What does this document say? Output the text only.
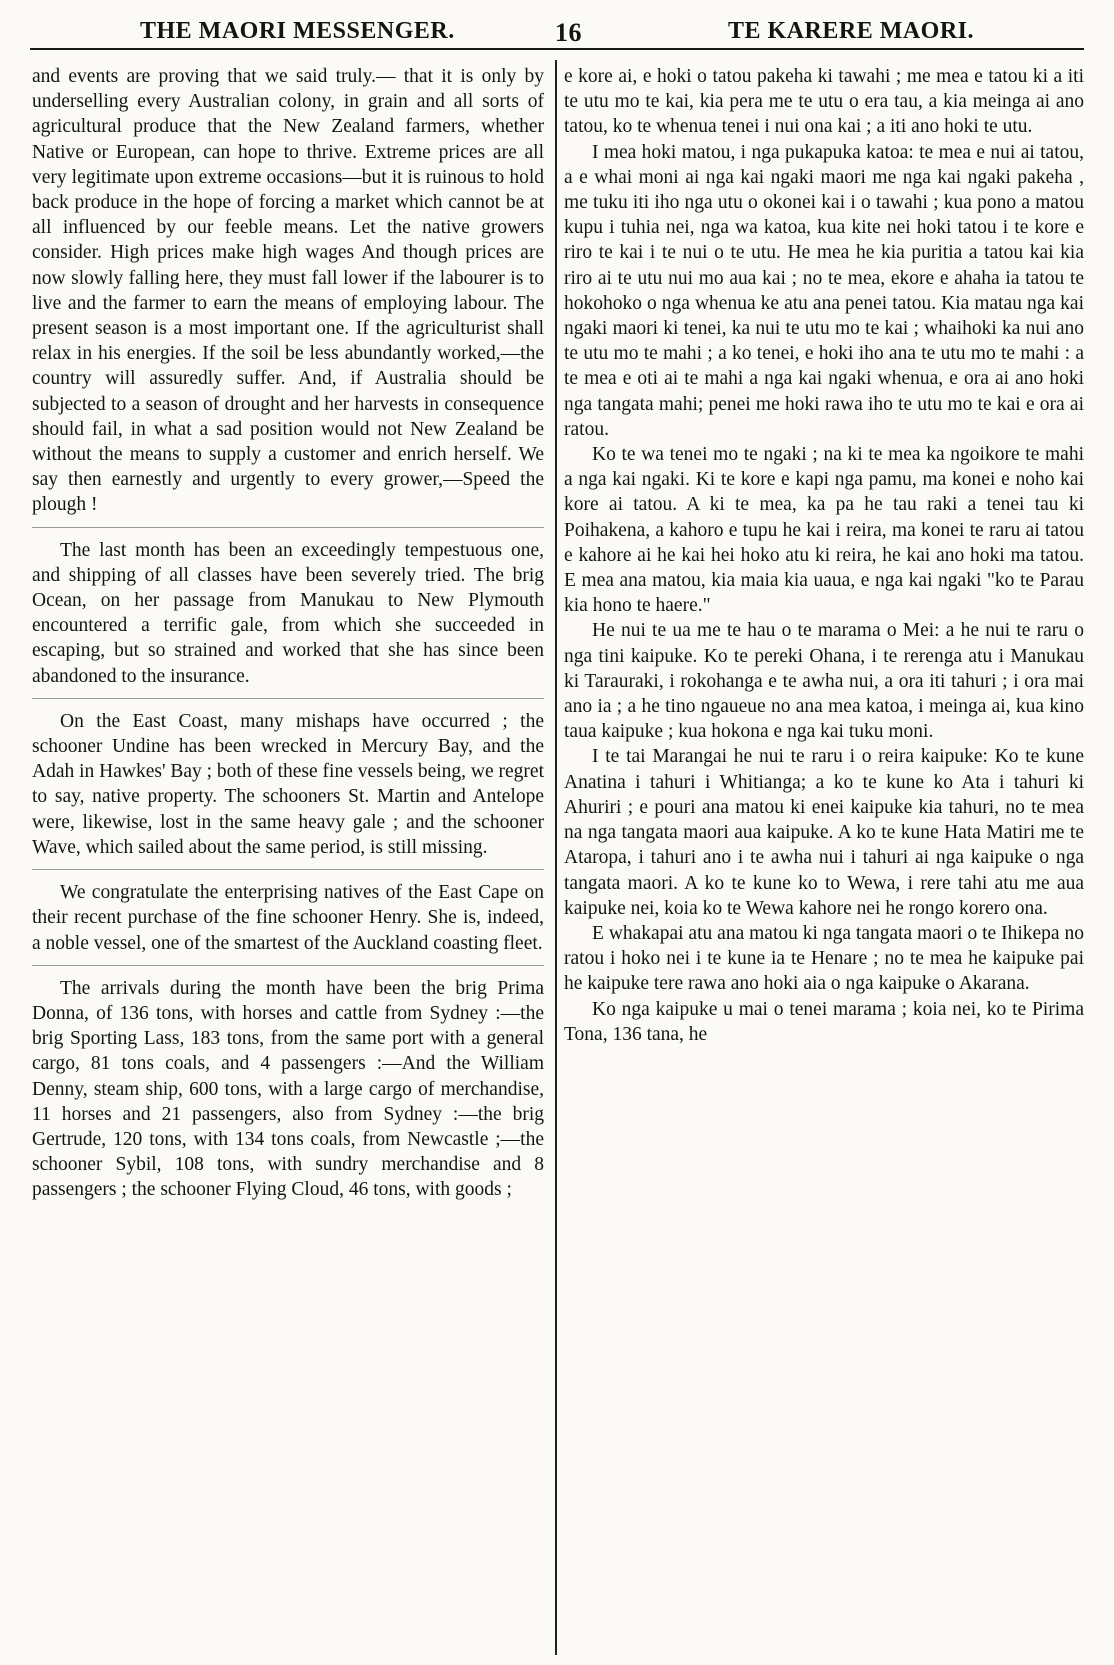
THE MAORI MESSENGER.	16	TE KARERE MAORI.

and events are proving that we said truly.— that it is only by underselling every Australian colony, in grain and all sorts of agricultural produce that the New Zealand farmers, whether Native or European, can hope to thrive. Extreme prices are all very legitimate upon extreme occasions—but it is ruinous to hold back produce in the hope of forcing a market which cannot be at all influenced by our feeble means. Let the native growers consider. High prices make high wages And though prices are now slowly falling here, they must fall lower if the labourer is to live and the farmer to earn the means of employing labour. The present season is a most important one. If the agriculturist shall relax in his energies. If the soil be less abundantly worked,—the country will assuredly suffer. And, if Australia should be subjected to a season of drought and her harvests in consequence should fail, in what a sad position would not New Zealand be without the means to supply a customer and enrich herself. We say then earnestly and urgently to every grower,—Speed the plough !

The last month has been an exceedingly tempestuous one, and shipping of all classes have been severely tried. The brig Ocean, on her passage from Manukau to New Plymouth encountered a terrific gale, from which she succeeded in escaping, but so strained and worked that she has since been abandoned to the insurance.

On the East Coast, many mishaps have occurred ; the schooner Undine has been wrecked in Mercury Bay, and the Adah in Hawkes' Bay ; both of these fine vessels being, we regret to say, native property. The schooners St. Martin and Antelope were, likewise, lost in the same heavy gale ; and the schooner Wave, which sailed about the same period, is still missing.

We congratulate the enterprising natives of the East Cape on their recent purchase of the fine schooner Henry. She is, indeed, a noble vessel, one of the smartest of the Auckland coasting fleet.

The arrivals during the month have been the brig Prima Donna, of 136 tons, with horses and cattle from Sydney :—the brig Sporting Lass, 183 tons, from the same port with a general cargo, 81 tons coals, and 4 passengers :—And the William Denny, steam ship, 600 tons, with a large cargo of merchandise, 11 horses and 21 passengers, also from Sydney :—the brig Gertrude, 120 tons, with 134 tons coals, from Newcastle ;—the schooner Sybil, 108 tons, with sundry merchandise and 8 passengers ; the schooner Flying Cloud, 46 tons, with goods ;

e kore ai, e hoki o tatou pakeha ki tawahi ; me mea e tatou ki a iti te utu mo te kai, kia pera me te utu o era tau, a kia meinga ai ano tatou, ko te whenua tenei i nui ona kai ; a iti ano hoki te utu.

I mea hoki matou, i nga pukapuka katoa: te mea e nui ai tatou, a e whai moni ai nga kai ngaki maori me nga kai ngaki pakeha , me tuku iti iho nga utu o okonei kai i o tawahi ; kua pono a matou kupu i tuhia nei, nga wa katoa, kua kite nei hoki tatou i te kore e riro te kai i te nui o te utu. He mea he kia puritia a tatou kai kia riro ai te utu nui mo aua kai ; no te mea, ekore e ahaha ia tatou te hokohoko o nga whenua ke atu ana penei tatou. Kia matau nga kai ngaki maori ki tenei, ka nui te utu mo te kai ; whaihoki ka nui ano te utu mo te mahi ; a ko tenei, e hoki iho ana te utu mo te mahi : a te mea e oti ai te mahi a nga kai ngaki whenua, e ora ai ano hoki nga tangata mahi; penei me hoki rawa iho te utu mo te kai e ora ai ratou.

Ko te wa tenei mo te ngaki ; na ki te mea ka ngoikore te mahi a nga kai ngaki. Ki te kore e kapi nga pamu, ma konei e noho kai kore ai tatou. A ki te mea, ka pa he tau raki a tenei tau ki Poihakena, a kahoro e tupu he kai i reira, ma konei te raru ai tatou e kahore ai he kai hei hoko atu ki reira, he kai ano hoki ma tatou. E mea ana matou, kia maia kia uaua, e nga kai ngaki "ko te Parau kia hono te haere."

He nui te ua me te hau o te marama o Mei: a he nui te raru o nga tini kaipuke. Ko te pereki Ohana, i te rerenga atu i Manukau ki Tarauraki, i rokohanga e te awha nui, a ora iti tahuri ; i ora mai ano ia ; a he tino ngaueue no ana mea katoa, i meinga ai, kua kino taua kaipuke ; kua hokona e nga kai tuku moni.

I te tai Marangai he nui te raru i o reira kaipuke: Ko te kune Anatina i tahuri i Whitianga; a ko te kune ko Ata i tahuri ki Ahuriri ; e pouri ana matou ki enei kaipuke kia tahuri, no te mea na nga tangata maori aua kaipuke. A ko te kune Hata Matiri me te Ataropa, i tahuri ano i te awha nui i tahuri ai nga kaipuke o nga tangata maori. A ko te kune ko to Wewa, i rere tahi atu me aua kaipuke nei, koia ko te Wewa kahore nei he rongo korero ona.

E whakapai atu ana matou ki nga tangata maori o te Ihikepa no ratou i hoko nei i te kune ia te Henare ; no te mea he kaipuke pai he kaipuke tere rawa ano hoki aia o nga kaipuke o Akarana.

Ko nga kaipuke u mai o tenei marama ; koia nei, ko te Pirima Tona, 136 tana, he
